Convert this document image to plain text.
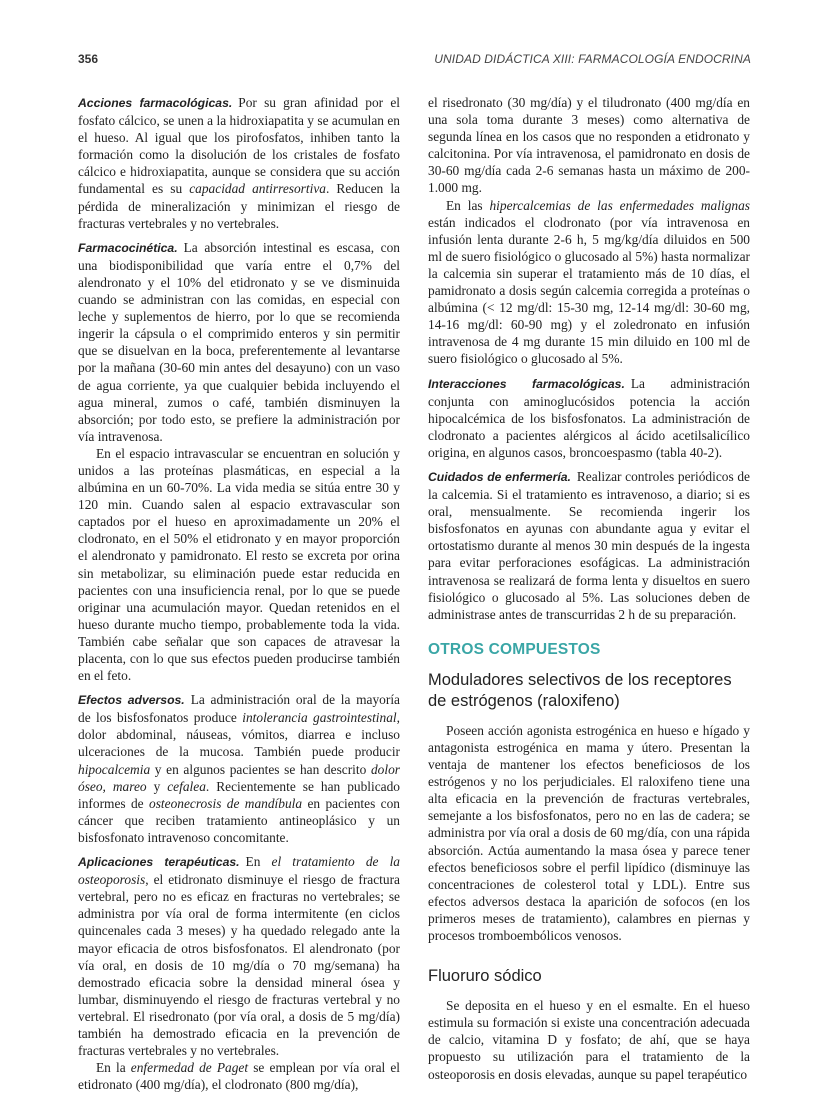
356	UNIDAD DIDÁCTICA XIII: FARMACOLOGÍA ENDOCRINA

Acciones farmacológicas. Por su gran afinidad por el fosfato cálcico, se unen a la hidroxiapatita y se acumulan en el hueso. Al igual que los pirofosfatos, inhiben tanto la formación como la disolución de los cristales de fosfato cálcico e hidroxiapatita, aunque se considera que su acción fundamental es su capacidad antirresortiva. Reducen la pérdida de mineralización y minimizan el riesgo de fracturas vertebrales y no vertebrales.

Farmacocinética. La absorción intestinal es escasa, con una biodisponibilidad que varía entre el 0,7% del alendronato y el 10% del etidronato y se ve disminuida cuando se administran con las comidas, en especial con leche y suplementos de hierro, por lo que se recomienda ingerir la cápsula o el comprimido enteros y sin permitir que se disuelvan en la boca, preferentemente al levantarse por la mañana (30-60 min antes del desayuno) con un vaso de agua corriente, ya que cualquier bebida incluyendo el agua mineral, zumos o café, también disminuyen la absorción; por todo esto, se prefiere la administración por vía intravenosa.

En el espacio intravascular se encuentran en solución y unidos a las proteínas plasmáticas, en especial a la albúmina en un 60-70%. La vida media se sitúa entre 30 y 120 min. Cuando salen al espacio extravascular son captados por el hueso en aproximadamente un 20% el clodronato, en el 50% el etidronato y en mayor proporción el alendronato y pamidronato. El resto se excreta por orina sin metabolizar, su eliminación puede estar reducida en pacientes con una insuficiencia renal, por lo que se puede originar una acumulación mayor. Quedan retenidos en el hueso durante mucho tiempo, probablemente toda la vida. También cabe señalar que son capaces de atravesar la placenta, con lo que sus efectos pueden producirse también en el feto.

Efectos adversos. La administración oral de la mayoría de los bisfosfonatos produce intolerancia gastrointestinal, dolor abdominal, náuseas, vómitos, diarrea e incluso ulceraciones de la mucosa. También puede producir hipocalcemia y en algunos pacientes se han descrito dolor óseo, mareo y cefalea. Recientemente se han publicado informes de osteonecrosis de mandíbula en pacientes con cáncer que reciben tratamiento antineoplásico y un bisfosfonato intravenoso concomitante.

Aplicaciones terapéuticas. En el tratamiento de la osteoporosis, el etidronato disminuye el riesgo de fractura vertebral, pero no es eficaz en fracturas no vertebrales; se administra por vía oral de forma intermitente (en ciclos quincenales cada 3 meses) y ha quedado relegado ante la mayor eficacia de otros bisfosfonatos. El alendronato (por vía oral, en dosis de 10 mg/día o 70 mg/semana) ha demostrado eficacia sobre la densidad mineral ósea y lumbar, disminuyendo el riesgo de fracturas vertebral y no vertebral. El risedronato (por vía oral, a dosis de 5 mg/día) también ha demostrado eficacia en la prevención de fracturas vertebrales y no vertebrales.

En la enfermedad de Paget se emplean por vía oral el etidronato (400 mg/día), el clodronato (800 mg/día),

el risedronato (30 mg/día) y el tiludronato (400 mg/día en una sola toma durante 3 meses) como alternativa de segunda línea en los casos que no responden a etidronato y calcitonina. Por vía intravenosa, el pamidronato en dosis de 30-60 mg/día cada 2-6 semanas hasta un máximo de 200-1.000 mg.

En las hipercalcemias de las enfermedades malignas están indicados el clodronato (por vía intravenosa en infusión lenta durante 2-6 h, 5 mg/kg/día diluidos en 500 ml de suero fisiológico o glucosado al 5%) hasta normalizar la calcemia sin superar el tratamiento más de 10 días, el pamidronato a dosis según calcemia corregida a proteínas o albúmina (< 12 mg/dl: 15-30 mg, 12-14 mg/dl: 30-60 mg, 14-16 mg/dl: 60-90 mg) y el zoledronato en infusión intravenosa de 4 mg durante 15 min diluido en 100 ml de suero fisiológico o glucosado al 5%.

Interacciones farmacológicas. La administración conjunta con aminoglucósidos potencia la acción hipocalcémica de los bisfosfonatos. La administración de clodronato a pacientes alérgicos al ácido acetilsalicílico origina, en algunos casos, broncoespasmo (tabla 40-2).

Cuidados de enfermería. Realizar controles periódicos de la calcemia. Si el tratamiento es intravenoso, a diario; si es oral, mensualmente. Se recomienda ingerir los bisfosfonatos en ayunas con abundante agua y evitar el ortostatismo durante al menos 30 min después de la ingesta para evitar perforaciones esofágicas. La administración intravenosa se realizará de forma lenta y disueltos en suero fisiológico o glucosado al 5%. Las soluciones deben de administrase antes de transcurridas 2 h de su preparación.

OTROS COMPUESTOS
Moduladores selectivos de los receptores de estrógenos (raloxifeno)

Poseen acción agonista estrogénica en hueso e hígado y antagonista estrogénica en mama y útero. Presentan la ventaja de mantener los efectos beneficiosos de los estrógenos y no los perjudiciales. El raloxifeno tiene una alta eficacia en la prevención de fracturas vertebrales, semejante a los bisfosfonatos, pero no en las de cadera; se administra por vía oral a dosis de 60 mg/día, con una rápida absorción. Actúa aumentando la masa ósea y parece tener efectos beneficiosos sobre el perfil lipídico (disminuye las concentraciones de colesterol total y LDL). Entre sus efectos adversos destaca la aparición de sofocos (en los primeros meses de tratamiento), calambres en piernas y procesos tromboembólicos venosos.

Fluoruro sódico

Se deposita en el hueso y en el esmalte. En el hueso estimula su formación si existe una concentración adecuada de calcio, vitamina D y fosfato; de ahí, que se haya propuesto su utilización para el tratamiento de la osteoporosis en dosis elevadas, aunque su papel terapéutico
